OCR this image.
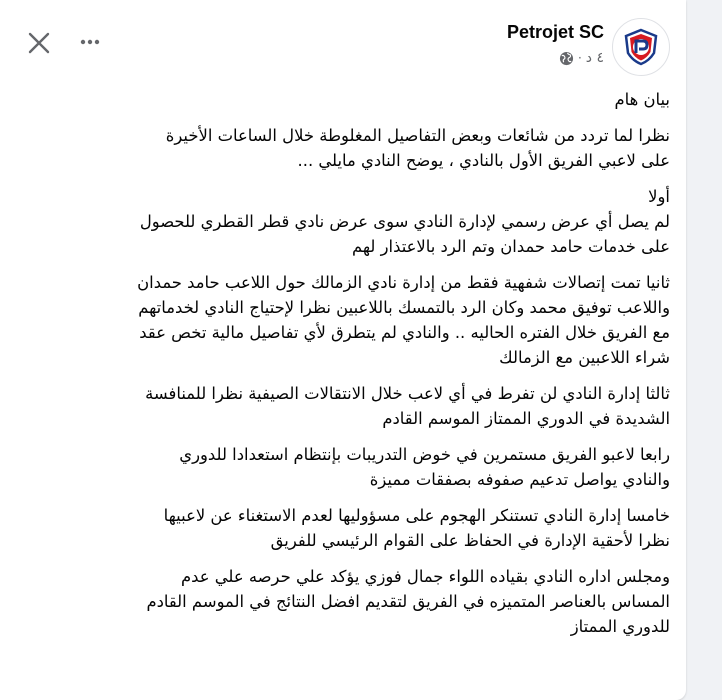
Petrojet SC
٤ د
·
بيان هام
نظرا لما تردد من شائعات وبعض التفاصيل المغلوطة خلال الساعات الأخيرة
على لاعبي الفريق الأول بالنادي ، يوضح النادي مايلي ...
أولا
لم يصل أي عرض رسمي لإدارة النادي سوى عرض نادي قطر القطري للحصول
على خدمات حامد حمدان وتم الرد بالاعتذار لهم
ثانيا تمت إتصالات شفهية فقط من إدارة نادي الزمالك حول اللاعب حامد حمدان
واللاعب توفيق محمد وكان الرد بالتمسك باللاعبين نظرا لإحتياج النادي لخدماتهم
مع الفريق خلال الفتره الحاليه .. والنادي لم يتطرق لأي تفاصيل مالية تخص عقد
شراء اللاعبين مع الزمالك
ثالثا إدارة النادي لن تفرط في أي لاعب خلال الانتقالات الصيفية نظرا للمنافسة
الشديدة في الدوري الممتاز الموسم القادم
رابعا لاعبو الفريق مستمرين في خوض التدريبات بإنتظام استعدادا للدوري
والنادي يواصل تدعيم صفوفه بصفقات مميزة
خامسا إدارة النادي تستنكر الهجوم على مسؤوليها لعدم الاستغناء عن لاعبيها
نظرا لأحقية الإدارة في الحفاظ على القوام الرئيسي للفريق
ومجلس اداره النادي بقياده اللواء جمال فوزي يؤكد علي حرصه علي عدم
المساس بالعناصر المتميزه في الفريق لتقديم افضل النتائج في الموسم القادم
للدوري الممتاز
